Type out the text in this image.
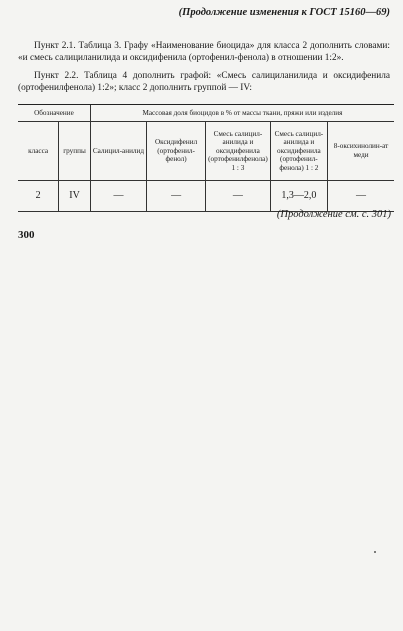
(Продолжение изменения к ГОСТ 15160—69)
Пункт 2.1. Таблица 3. Графу «Наименование биоцида» для класса 2 дополнить словами: «и смесь салициланилида и оксидифенила (ортофенил-фенола) в отношении 1:2».
Пункт 2.2. Таблица 4 дополнить графой: «Смесь салициланилида и оксидифенила (ортофенилфенола) 1:2»; класс 2 дополнить группой — IV:
Обозначение		Массовая доля биоцидов в % от массы ткани, пряжи или изделия				
класса	группы	Салицил-анилид	Оксидифенил (ортофенил-фенол)	Смесь салицил-анилида и оксидифенила (ортофенилфенола) 1 : 3	Смесь салицил-анилида и оксидифенила (ортофенил-фенола) 1 : 2	8-оксихинолин-ат меди
2	IV	—	—	—	1,3—2,0	—
(Продолжение см. с. 301)
300
